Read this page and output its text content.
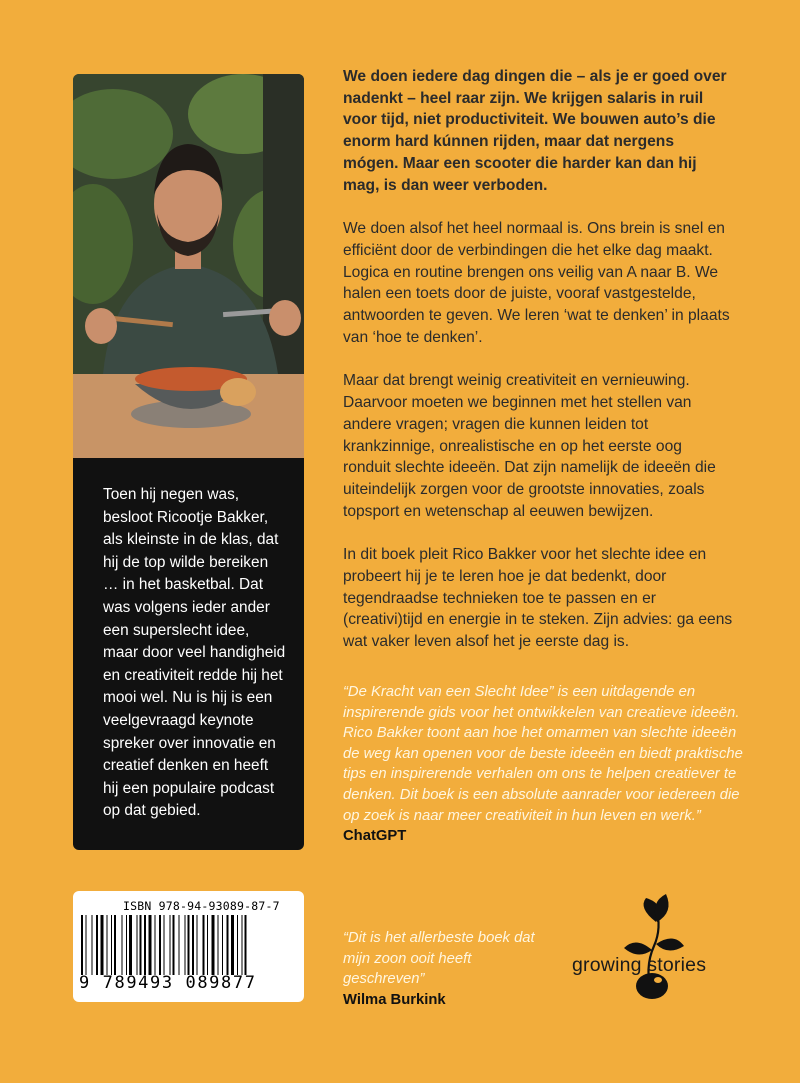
Toen hij negen was, besloot Ricootje Bakker, als kleinste in de klas, dat hij de top wilde bereiken … in het basketbal. Dat was volgens ieder ander een superslecht idee, maar door veel handigheid en creativiteit redde hij het mooi wel. Nu is hij is een veelgevraagd keynote spreker over innovatie en creatief denken en heeft hij een populaire podcast op dat gebied.

We doen iedere dag dingen die – als je er goed over nadenkt – heel raar zijn. We krijgen salaris in ruil voor tijd, niet productiviteit. We bouwen auto’s die enorm hard kúnnen rijden, maar dat nergens mógen. Maar een scooter die harder kan dan hij mag, is dan weer verboden.

We doen alsof het heel normaal is. Ons brein is snel en efficiënt door de verbindingen die het elke dag maakt. Logica en routine brengen ons veilig van A naar B. We halen een toets door de juiste, vooraf vastgestelde, antwoorden te geven. We leren ‘wat te denken’ in plaats van ‘hoe te denken’.

Maar dat brengt weinig creativiteit en vernieuwing. Daarvoor moeten we beginnen met het stellen van andere vragen; vragen die kunnen leiden tot krankzinnige, onrealistische en op het eerste oog ronduit slechte ideeën. Dat zijn namelijk de ideeën die uiteindelijk zorgen voor de grootste innovaties, zoals topsport en wetenschap al eeuwen bewijzen.

In dit boek pleit Rico Bakker voor het slechte idee en probeert hij je te leren hoe je dat bedenkt, door tegendraadse technieken toe te passen en er (creativi)tijd en energie in te steken. Zijn advies: ga eens wat vaker leven alsof het je eerste dag is.

“De Kracht van een Slecht Idee” is een uitdagende en inspirerende gids voor het ontwikkelen van creatieve ideeën. Rico Bakker toont aan hoe het omarmen van slechte ideeën de weg kan openen voor de beste ideeën en biedt praktische tips en inspirerende verhalen om ons te helpen creatiever te denken. Dit boek is een absolute aanrader voor iedereen die op zoek is naar meer creativiteit in hun leven en werk.”
ChatGPT
“Dit is het allerbeste boek dat mijn zoon ooit heeft geschreven”
Wilma Burkink
ISBN 978-94-93089-87-7
9 789493 089877
growing stories
